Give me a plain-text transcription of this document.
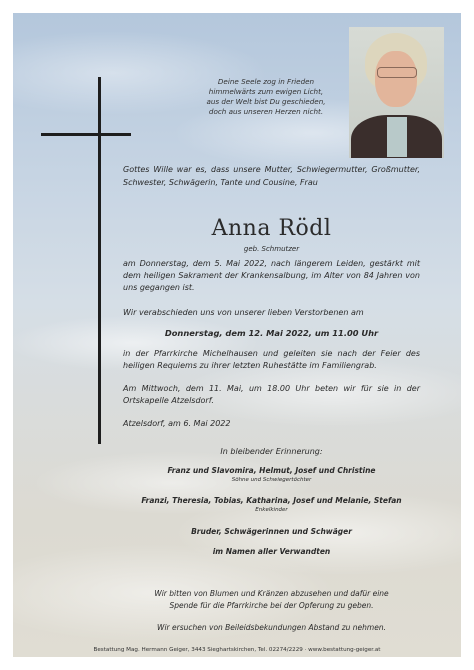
Deine Seele zog in Frieden
himmelwärts zum ewigen Licht,
aus der Welt bist Du geschieden,
doch aus unseren Herzen nicht.
Gottes Wille war es, dass unsere Mutter, Schwiegermutter, Großmutter, Schwester, Schwägerin, Tante und Cousine, Frau
Anna Rödl
geb. Schmutzer
am Donnerstag, dem 5. Mai 2022, nach längerem Leiden, gestärkt mit dem heiligen Sakrament der Krankensalbung, im Alter von 84 Jahren von uns gegangen ist.
Wir verabschieden uns von unserer lieben Verstorbenen am
Donnerstag, dem 12. Mai 2022, um 11.00 Uhr
in der Pfarrkirche Michelhausen und geleiten sie nach der Feier des heiligen Requiems zu ihrer letzten Ruhestätte im Familiengrab.
Am Mittwoch, dem 11. Mai, um 18.00 Uhr beten wir für sie in der Ortskapelle Atzelsdorf.
Atzelsdorf, am 6. Mai 2022
In bleibender Erinnerung:
Franz und Slavomira, Helmut, Josef und Christine
Söhne und Schwiegertöchter
Franzi, Theresia, Tobias, Katharina, Josef und Melanie, Stefan
Enkelkinder
Bruder, Schwägerinnen und Schwäger
im Namen aller Verwandten
Wir bitten von Blumen und Kränzen abzusehen und dafür eine Spende für die Pfarrkirche bei der Opferung zu geben.
Wir ersuchen von Beileidsbekundungen Abstand zu nehmen.
Bestattung Mag. Hermann Geiger, 3443 Sieghartskirchen, Tel. 02274/2229 · www.bestattung-geiger.at
